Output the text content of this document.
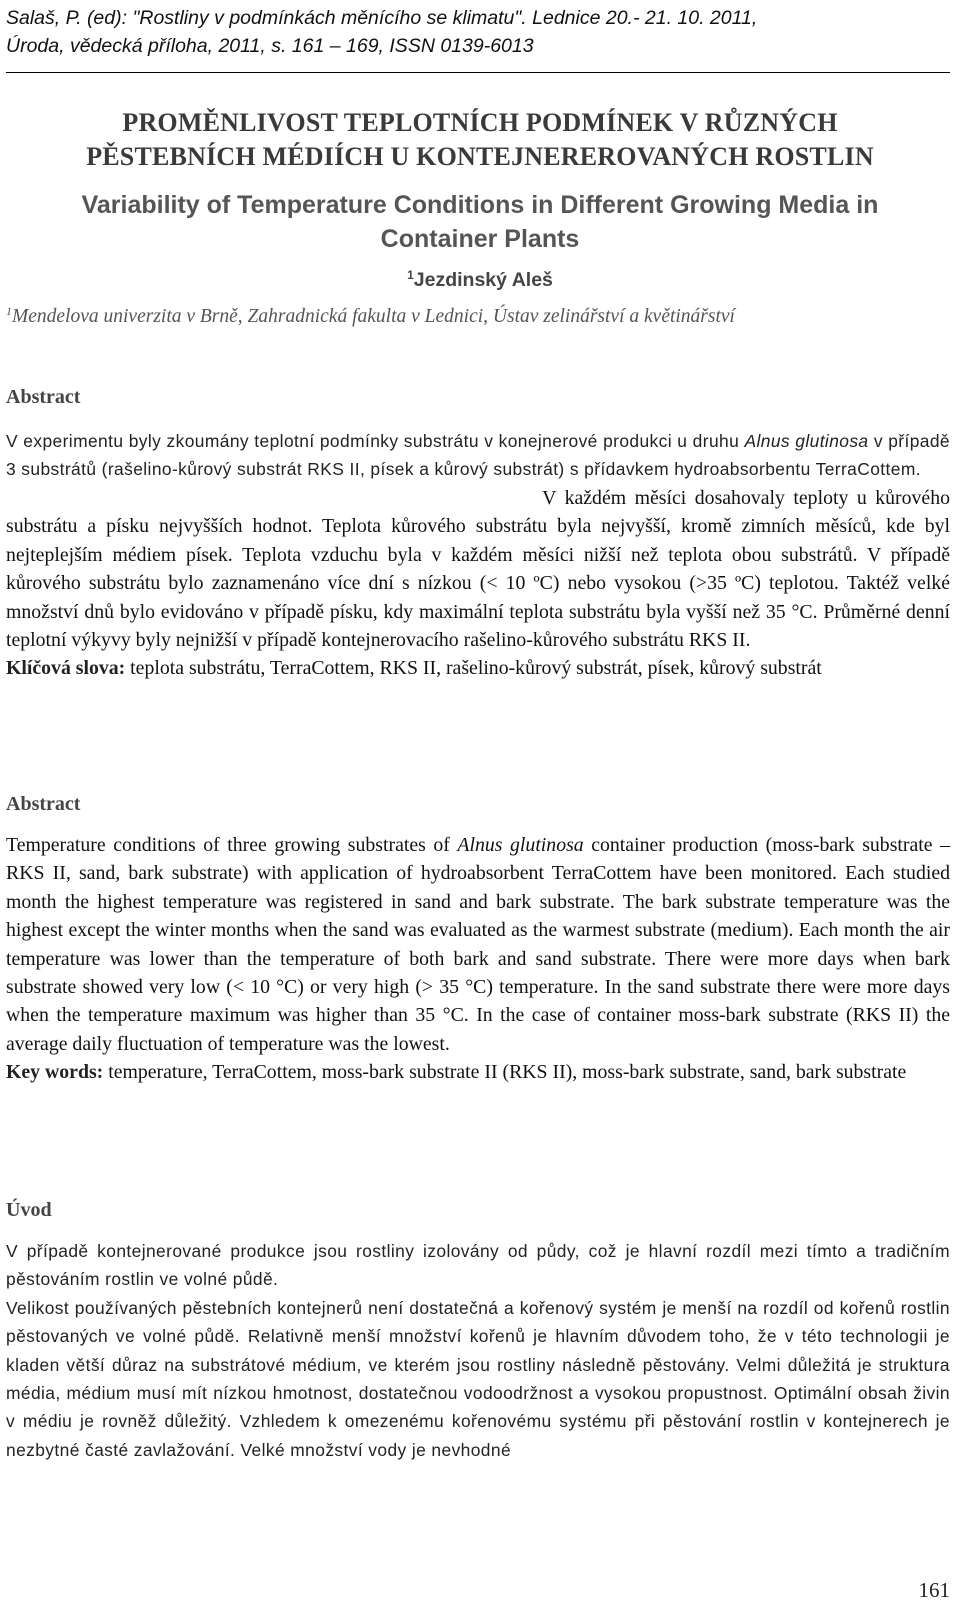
Salaš, P. (ed): "Rostliny v podmínkách měnícího se klimatu". Lednice 20.- 21. 10. 2011,
Úroda, vědecká příloha, 2011, s. 161 – 169, ISSN 0139-6013
PROMĚNLIVOST TEPLOTNÍCH PODMÍNEK V RŮZNÝCH
PĚSTEBNÍCH MÉDIÍCH U KONTEJNEREROVANÝCH ROSTLIN
Variability of Temperature Conditions in Different Growing Media in
Container Plants
$^1$Jezdinský Aleš
$^1$Mendelova univerzita v Brně, Zahradnická fakulta v Lednici, Ústav zelinářství a květinářství
Abstract

V experimentu byly zkoumány teplotní podmínky substrátu v konejnerové produkci u druhu Alnus glutinosa v případě 3 substrátů (rašelino-kůrový substrát RKS II, písek a kůrový substrát) s přídavkem hydroabsorbentu TerraCottem.

V každém měsíci dosahovaly teploty u kůrového substrátu a písku nejvyšších hodnot. Teplota kůrového substrátu byla nejvyšší, kromě zimních měsíců, kde byl nejteplejším médiem písek. Teplota vzduchu byla v každém měsíci nižší než teplota obou substrátů. V případě kůrového substrátu bylo zaznamenáno více dní s nízkou (< 10 ºC) nebo vysokou (>35 ºC) teplotou. Taktéž velké množství dnů bylo evidováno v případě písku, kdy maximální teplota substrátu byla vyšší než 35 °C. Průměrné denní teplotní výkyvy byly nejnižší v případě kontejnerovacího rašelino-kůrového substrátu RKS II.

Klíčová slova: teplota substrátu, TerraCottem, RKS II, rašelino-kůrový substrát, písek, kůrový substrát

Abstract

Temperature conditions of three growing substrates of Alnus glutinosa container production (moss-bark substrate – RKS II, sand, bark substrate) with application of hydroabsorbent TerraCottem have been monitored. Each studied month the highest temperature was registered in sand and bark substrate. The bark substrate temperature was the highest except the winter months when the sand was evaluated as the warmest substrate (medium). Each month the air temperature was lower than the temperature of both bark and sand substrate. There were more days when bark substrate showed very low (< 10 °C) or very high (> 35 °C) temperature. In the sand substrate there were more days when the temperature maximum was higher than 35 °C. In the case of container moss-bark substrate (RKS II) the average daily fluctuation of temperature was the lowest.

Key words: temperature, TerraCottem, moss-bark substrate II (RKS II), moss-bark substrate, sand, bark substrate

Úvod

V případě kontejnerované produkce jsou rostliny izolovány od půdy, což je hlavní rozdíl mezi tímto a tradičním pěstováním rostlin ve volné půdě.

Velikost používaných pěstebních kontejnerů není dostatečná a kořenový systém je menší na rozdíl od kořenů rostlin pěstovaných ve volné půdě. Relativně menší množství kořenů je hlavním důvodem toho, že v této technologii je kladen větší důraz na substrátové médium, ve kterém jsou rostliny následně pěstovány. Velmi důležitá je struktura média, médium musí mít nízkou hmotnost, dostatečnou vodoodržnost a vysokou propustnost. Optimální obsah živin v médiu je rovněž důležitý. Vzhledem k omezenému kořenovému systému při pěstování rostlin v kontejnerech je nezbytné časté zavlažování. Velké množství vody je nevhodné

161
